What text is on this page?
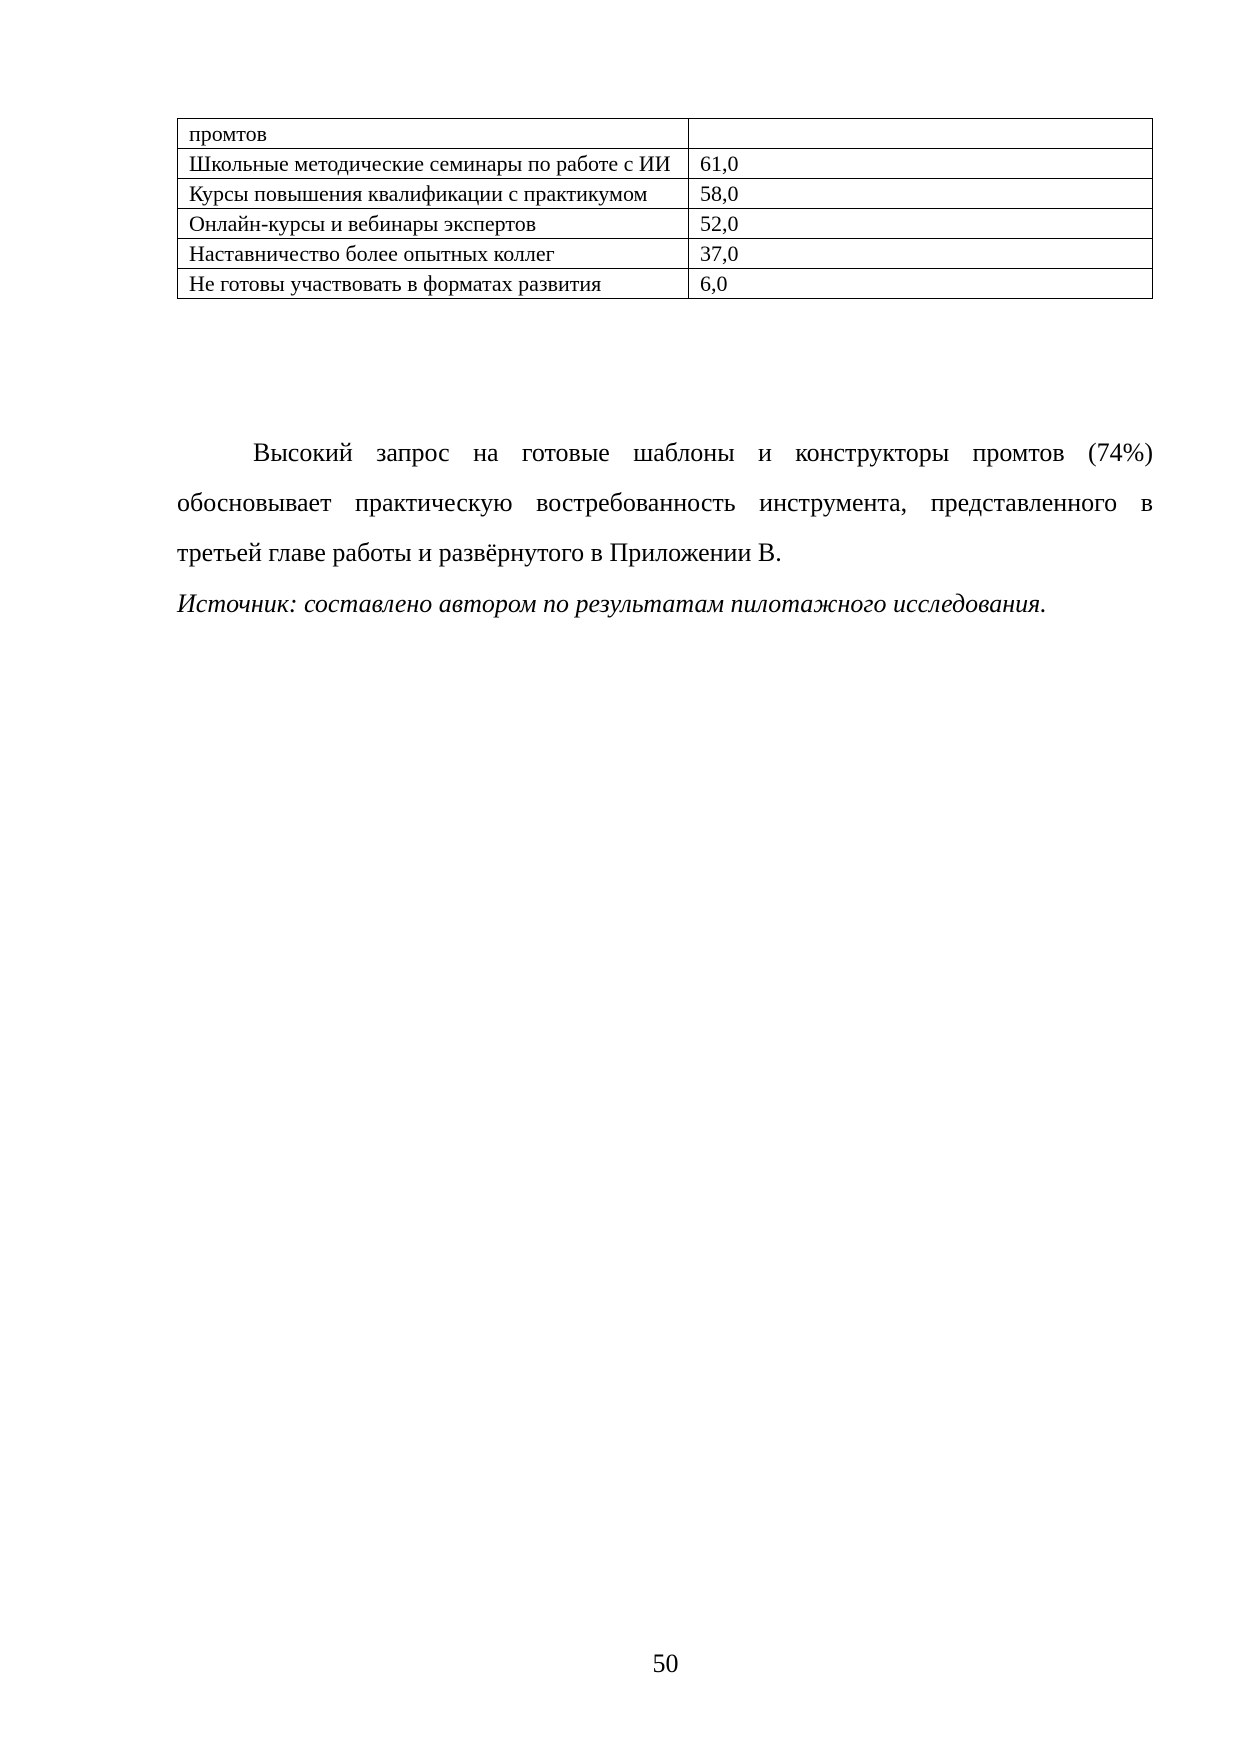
промтов	
Школьные методические семинары по работе с ИИ	61,0
Курсы повышения квалификации с практикумом	58,0
Онлайн-курсы и вебинары экспертов	52,0
Наставничество более опытных коллег	37,0
Не готовы участвовать в форматах развития	6,0

Высокий запрос на готовые шаблоны и конструкторы промтов (74%) обосновывает практическую востребованность инструмента, представленного в третьей главе работы и развёрнутого в Приложении В.

Источник: составлено автором по результатам пилотажного исследования.

50
